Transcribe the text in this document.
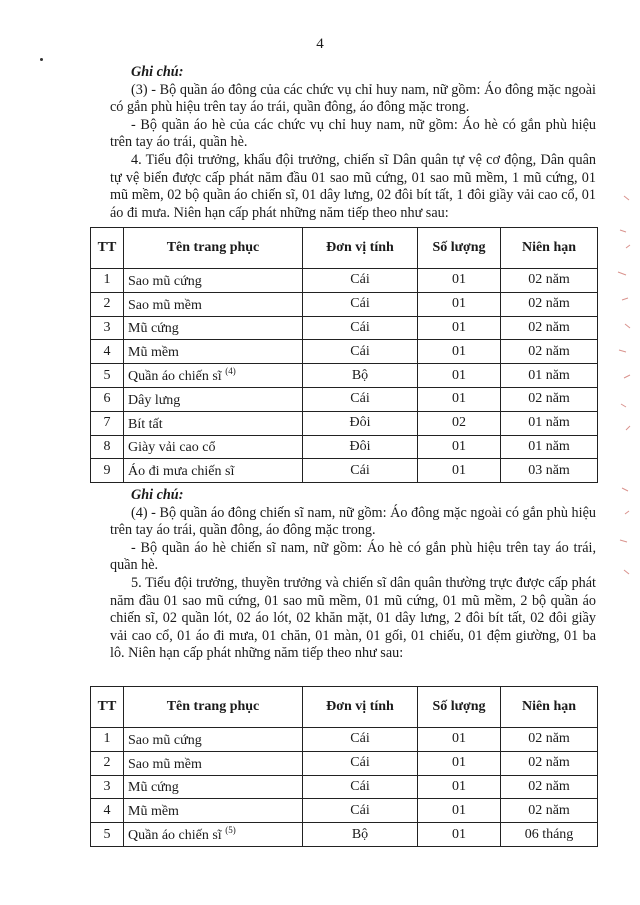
4
Ghi chú:

(3) - Bộ quần áo đông của các chức vụ chỉ huy nam, nữ gồm: Áo đông mặc ngoài có gắn phù hiệu trên tay áo trái, quần đông, áo đông mặc trong.

- Bộ quần áo hè của các chức vụ chỉ huy nam, nữ gồm: Áo hè có gắn phù hiệu trên tay áo trái, quần hè.

4. Tiểu đội trưởng, khẩu đội trưởng, chiến sĩ Dân quân tự vệ cơ động, Dân quân tự vệ biển được cấp phát năm đầu 01 sao mũ cứng, 01 sao mũ mềm, 1 mũ cứng, 01 mũ mềm, 02 bộ quần áo chiến sĩ, 01 dây lưng, 02 đôi bít tất, 1 đôi giầy vải cao cổ, 01 áo đi mưa. Niên hạn cấp phát những năm tiếp theo như sau:

TT	Tên trang phục	Đơn vị tính	Số lượng	Niên hạn
1	Sao mũ cứng	Cái	01	02 năm
2	Sao mũ mềm	Cái	01	02 năm
3	Mũ cứng	Cái	01	02 năm
4	Mũ mềm	Cái	01	02 năm
5	Quần áo chiến sĩ $^{(4)}$	Bộ	01	01 năm
6	Dây lưng	Cái	01	02 năm
7	Bít tất	Đôi	02	01 năm
8	Giày vải cao cổ	Đôi	01	01 năm
9	Áo đi mưa chiến sĩ	Cái	01	03 năm
Ghi chú:

(4) - Bộ quần áo đông chiến sĩ nam, nữ gồm: Áo đông mặc ngoài có gắn phù hiệu trên tay áo trái, quần đông, áo đông mặc trong.

- Bộ quần áo hè chiến sĩ nam, nữ gồm: Áo hè có gắn phù hiệu trên tay áo trái, quần hè.

5. Tiểu đội trưởng, thuyền trưởng và chiến sĩ dân quân thường trực được cấp phát năm đầu 01 sao mũ cứng, 01 sao mũ mềm, 01 mũ cứng, 01 mũ mềm, 2 bộ quần áo chiến sĩ, 02 quần lót, 02 áo lót, 02 khăn mặt, 01 dây lưng, 2 đôi bít tất, 02 đôi giầy vải cao cổ, 01 áo đi mưa, 01 chăn, 01 màn, 01 gối, 01 chiếu, 01 đệm giường, 01 ba lô. Niên hạn cấp phát những năm tiếp theo như sau:

TT	Tên trang phục	Đơn vị tính	Số lượng	Niên hạn
1	Sao mũ cứng	Cái	01	02 năm
2	Sao mũ mềm	Cái	01	02 năm
3	Mũ cứng	Cái	01	02 năm
4	Mũ mềm	Cái	01	02 năm
5	Quần áo chiến sĩ $^{(5)}$	Bộ	01	06 tháng
